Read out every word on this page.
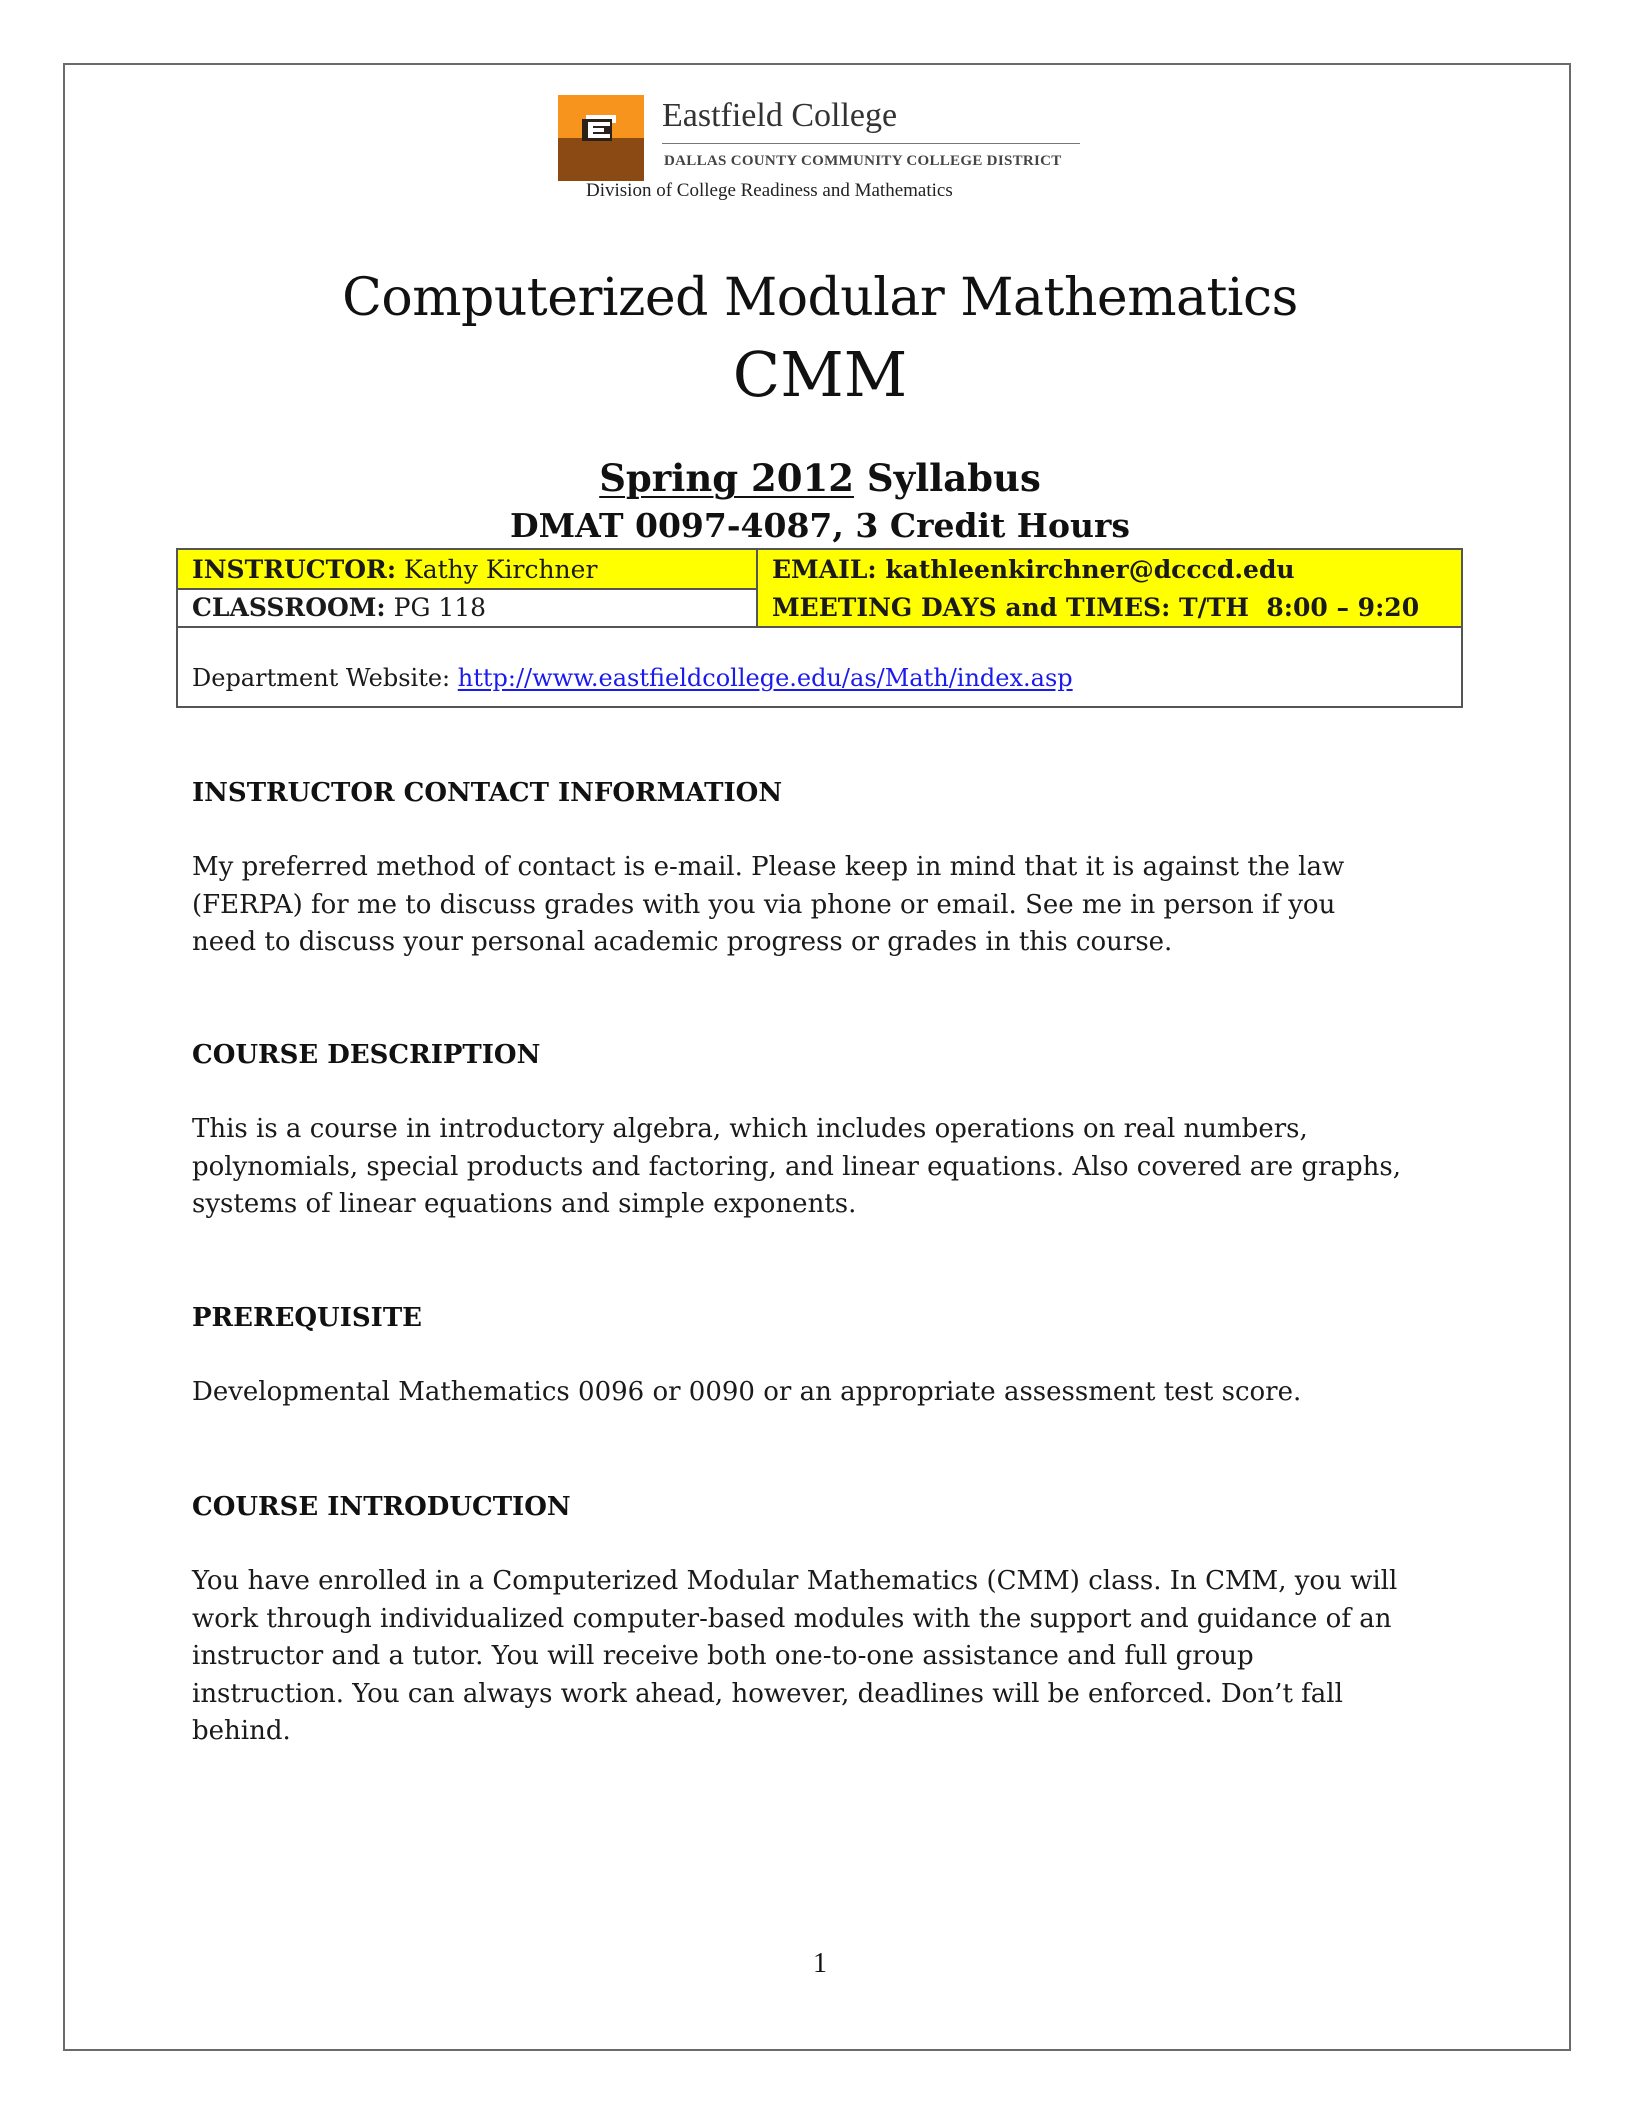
Eastfield College
DALLAS COUNTY COMMUNITY COLLEGE DISTRICT
Division of College Readiness and Mathematics
Computerized Modular Mathematics
CMM
Spring 2012 Syllabus
DMAT 0097-4087, 3 Credit Hours
INSTRUCTOR: Kathy Kirchner	EMAIL: kathleenkirchner@dcccd.edu
CLASSROOM: PG 118	MEETING DAYS and TIMES: T/TH  8:00 – 9:20
Department Website: http://www.eastfieldcollege.edu/as/Math/index.asp
INSTRUCTOR CONTACT INFORMATION
My preferred method of contact is e-mail. Please keep in mind that it is against the law
(FERPA) for me to discuss grades with you via phone or email. See me in person if you
need to discuss your personal academic progress or grades in this course.
COURSE DESCRIPTION
This is a course in introductory algebra, which includes operations on real numbers,
polynomials, special products and factoring, and linear equations. Also covered are graphs,
systems of linear equations and simple exponents.
PREREQUISITE
Developmental Mathematics 0096 or 0090 or an appropriate assessment test score.
COURSE INTRODUCTION
You have enrolled in a Computerized Modular Mathematics (CMM) class. In CMM, you will
work through individualized computer-based modules with the support and guidance of an
instructor and a tutor. You will receive both one-to-one assistance and full group
instruction. You can always work ahead, however, deadlines will be enforced. Don’t fall
behind.
1
